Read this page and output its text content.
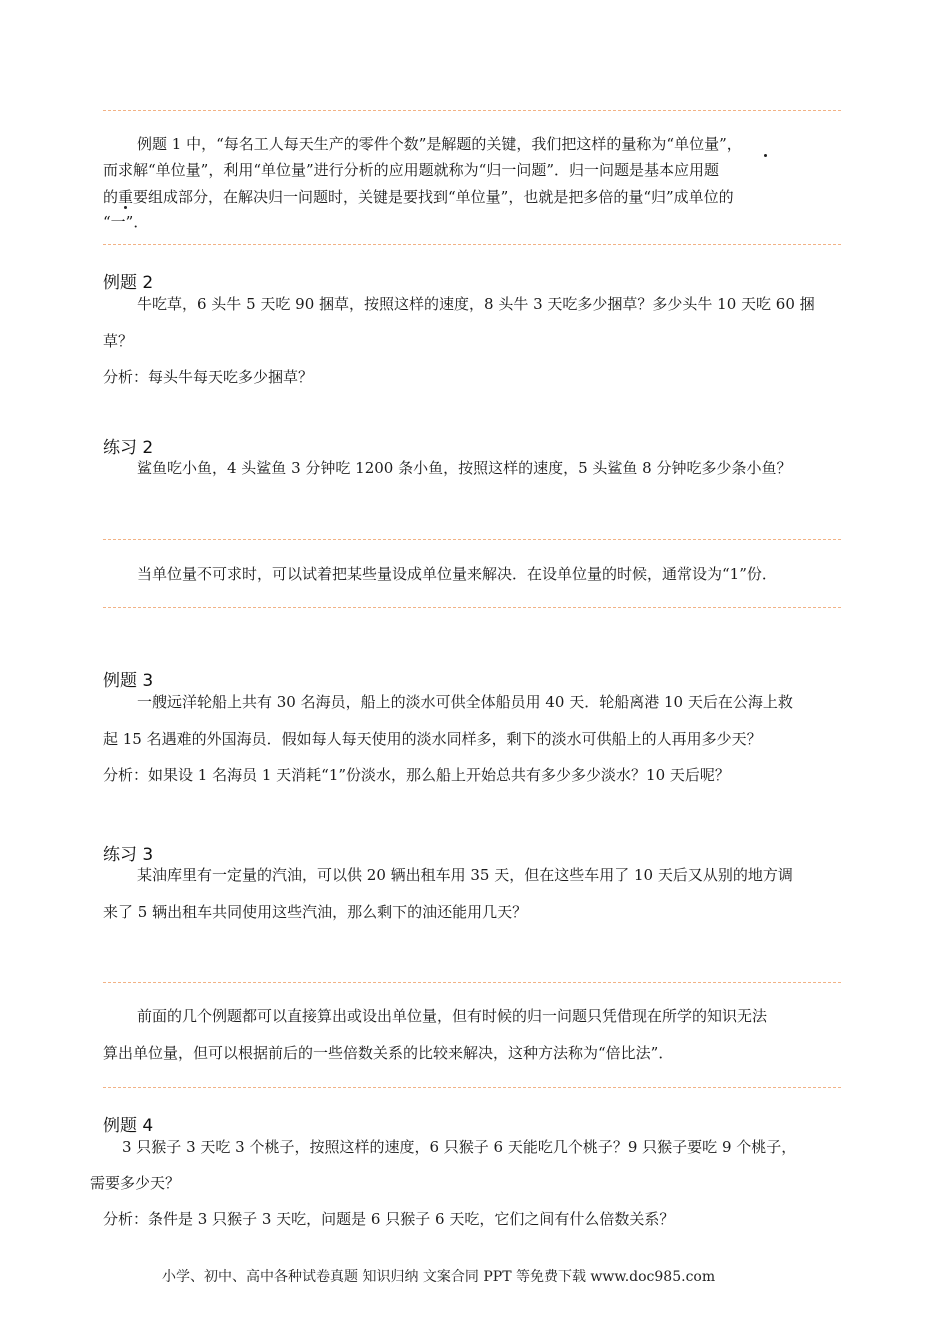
例题 1 中，“每名工人每天生产的零件个数”是解题的关键，我们把这样的量称为“单位量”，
而求解“单位量”，利用“单位量”进行分析的应用题就称为“归一问题”．归一问题是基本应用题
的重要组成部分，在解决归一问题时，关键是要找到“单位量”，也就是把多倍的量“归”成单位的
“一”．
例题 2
牛吃草，6 头牛 5 天吃 90 捆草，按照这样的速度，8 头牛 3 天吃多少捆草？多少头牛 10 天吃 60 捆
草？
分析：每头牛每天吃多少捆草？
练习 2
鲨鱼吃小鱼，4 头鲨鱼 3 分钟吃 1200 条小鱼，按照这样的速度，5 头鲨鱼 8 分钟吃多少条小鱼？
当单位量不可求时，可以试着把某些量设成单位量来解决．在设单位量的时候，通常设为“1”份．
例题 3
一艘远洋轮船上共有 30 名海员，船上的淡水可供全体船员用 40 天．轮船离港 10 天后在公海上救
起 15 名遇难的外国海员．假如每人每天使用的淡水同样多，剩下的淡水可供船上的人再用多少天？
分析：如果设 1 名海员 1 天消耗“1”份淡水，那么船上开始总共有多少多少淡水？10 天后呢？
练习 3
某油库里有一定量的汽油，可以供 20 辆出租车用 35 天，但在这些车用了 10 天后又从别的地方调
来了 5 辆出租车共同使用这些汽油，那么剩下的油还能用几天？
前面的几个例题都可以直接算出或设出单位量，但有时候的归一问题只凭借现在所学的知识无法
算出单位量，但可以根据前后的一些倍数关系的比较来解决，这种方法称为“倍比法”．
例题 4
3 只猴子 3 天吃 3 个桃子，按照这样的速度，6 只猴子 6 天能吃几个桃子？9 只猴子要吃 9 个桃子，
需要多少天？
分析：条件是 3 只猴子 3 天吃，问题是 6 只猴子 6 天吃，它们之间有什么倍数关系？
小学、初中、高中各种试卷真题 知识归纳 文案合同 PPT 等免费下载 www.doc985.com
